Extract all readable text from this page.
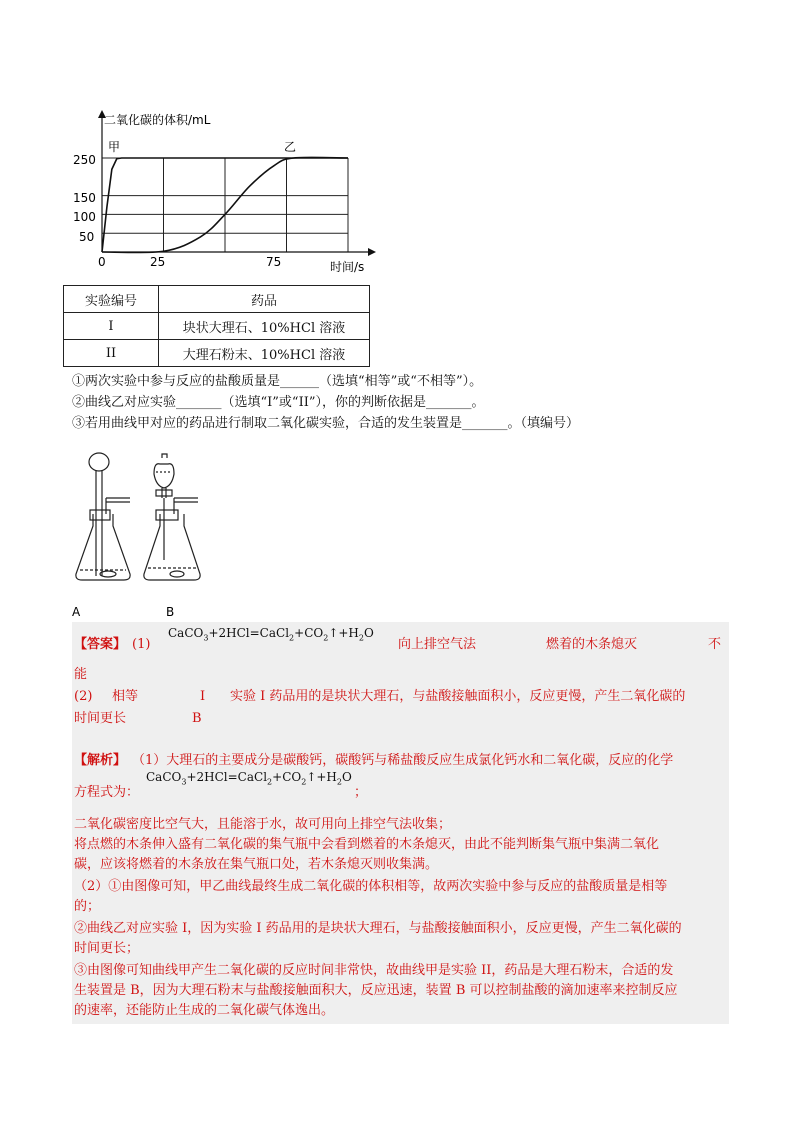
二氧化碳的体积/mL
时间/s
250
150
100
50
0	25	75
甲	乙
实验编号	药品
I	块状大理石、10%HCl 溶液
II	大理石粉末、10%HCl 溶液
①两次实验中参与反应的盐酸质量是______（选填“相等”或“不相等”）。
②曲线乙对应实验_______（选填“I”或“II”），你的判断依据是_______。
③若用曲线甲对应的药品进行制取二氧化碳实验，合适的发生装置是_______。（填编号）
A	B
【答案】 (1)
$CaCO_3+2HCl=CaCl_2+CO_2↑+H_2O$
向上排空气法	燃着的木条熄灭	不
能
(2) 相等	I 实验 I 药品用的是块状大理石，与盐酸接触面积小，反应更慢，产生二氧化碳的
时间更长	B
【解析】 （1）大理石的主要成分是碳酸钙，碳酸钙与稀盐酸反应生成氯化钙水和二氧化碳，反应的化学
$CaCO_3+2HCl=CaCl_2+CO_2↑+H_2O$
方程式为：	；
二氧化碳密度比空气大，且能溶于水，故可用向上排空气法收集；
将点燃的木条伸入盛有二氧化碳的集气瓶中会看到燃着的木条熄灭，由此不能判断集气瓶中集满二氧化
碳，应该将燃着的木条放在集气瓶口处，若木条熄灭则收集满。
（2）①由图像可知，甲乙曲线最终生成二氧化碳的体积相等，故两次实验中参与反应的盐酸质量是相等
的；
②曲线乙对应实验 I，因为实验 I 药品用的是块状大理石，与盐酸接触面积小，反应更慢，产生二氧化碳的
时间更长；
③由图像可知曲线甲产生二氧化碳的反应时间非常快，故曲线甲是实验 II，药品是大理石粉末，合适的发
生装置是 B，因为大理石粉末与盐酸接触面积大，反应迅速，装置 B 可以控制盐酸的滴加速率来控制反应
的速率，还能防止生成的二氧化碳气体逸出。
